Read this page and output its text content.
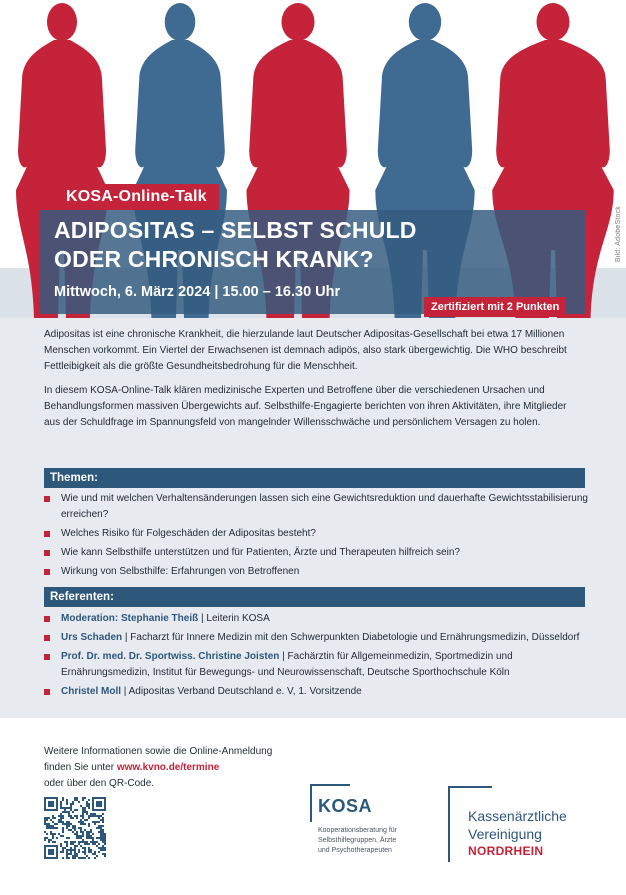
Bild: AdobeStock
KOSA-Online-Talk
ADIPOSITAS – SELBST SCHULD
ODER CHRONISCH KRANK?
Mittwoch, 6. März 2024 | 15.00 – 16.30 Uhr
Zertifiziert mit 2 Punkten
Adipositas ist eine chronische Krankheit, die hierzulande laut Deutscher Adipositas-Gesellschaft bei etwa 17 Millionen Menschen vorkommt. Ein Viertel der Erwachsenen ist demnach adipös, also stark übergewichtig. Die WHO beschreibt Fettleibigkeit als die größte Gesundheitsbedrohung für die Menschheit.
In diesem KOSA-Online-Talk klären medizinische Experten und Betroffene über die verschiedenen Ursachen und Behandlungsformen massiven Übergewichts auf. Selbsthilfe-Engagierte berichten von ihren Aktivitäten, ihre Mitglieder aus der Schuldfrage im Spannungsfeld von mangelnder Willensschwäche und persönlichem Versagen zu holen.
Themen:
Wie und mit welchen Verhaltensänderungen lassen sich eine Gewichtsreduktion und dauerhafte Gewichtsstabilisierung erreichen?
Welches Risiko für Folgeschäden der Adipositas besteht?
Wie kann Selbsthilfe unterstützen und für Patienten, Ärzte und Therapeuten hilfreich sein?
Wirkung von Selbsthilfe: Erfahrungen von Betroffenen
Referenten:
Moderation: Stephanie Theiß | Leiterin KOSA
Urs Schaden | Facharzt für Innere Medizin mit den Schwerpunkten Diabetologie und Ernährungsmedizin, Düsseldorf
Prof. Dr. med. Dr. Sportwiss. Christine Joisten | Fachärztin für Allgemeinmedizin, Sportmedizin und Ernährungsmedizin, Institut für Bewegungs- und Neurowissenschaft, Deutsche Sporthochschule Köln
Christel Moll | Adipositas Verband Deutschland e. V, 1. Vorsitzende
Weitere Informationen sowie die Online-Anmeldung
finden Sie unter www.kvno.de/termine
oder über den QR-Code.
KOSA
Kooperationsberatung für
Selbsthilfegruppen, Ärzte
und Psychotherapeuten
Kassenärztliche
Vereinigung
NORDRHEIN
